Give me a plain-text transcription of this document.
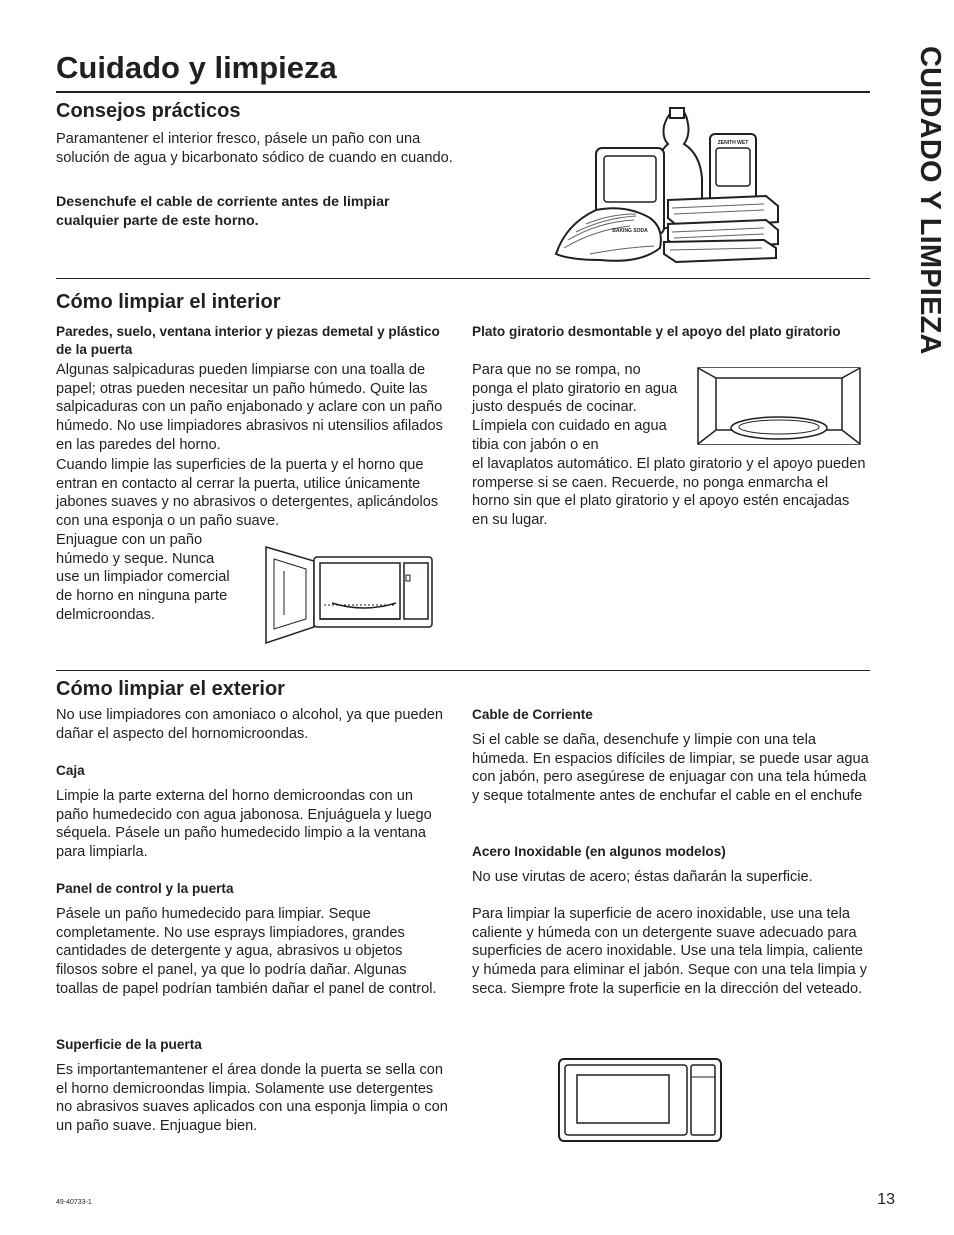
Cuidado y limpieza	CUIDADO Y LIMPIEZA
Consejos prácticos

Paramantener el interior fresco, pásele un paño con una solución de agua y bicarbonato sódico de cuando en cuando.

Desenchufe el cable de corriente antes de limpiar cualquier parte de este horno.

BAKING SODA
ZENITH WET
Cómo limpiar el interior

Paredes, suelo, ventana interior y piezas demetal y plástico de la puerta

Algunas salpicaduras pueden limpiarse con una toalla de papel; otras pueden necesitar un paño húmedo. Quite las salpicaduras con un paño enjabonado y aclare con un paño húmedo. No use limpiadores abrasivos ni utensilios afilados en las paredes del horno.

Cuando limpie las superficies de la puerta y el horno que entran en contacto al cerrar la puerta, utilice únicamente jabones suaves y no abrasivos o detergentes, aplicándolos con una esponja o un paño suave.

Enjuague con un paño húmedo y seque. Nunca use un limpiador comercial de horno en ninguna parte delmicroondas.

Plato giratorio desmontable y el apoyo del plato giratorio

Para que no se rompa, no ponga el plato giratorio en agua justo después de cocinar. Límpiela con cuidado en agua tibia con jabón o en

el lavaplatos automático. El plato giratorio y el apoyo pueden romperse si se caen. Recuerde, no ponga enmarcha el horno sin que el plato giratorio y el apoyo estén encajadas en su lugar.

Cómo limpiar el exterior

No use limpiadores con amoniaco o alcohol, ya que pueden dañar el aspecto del hornomicroondas.

Caja

Limpie la parte externa del horno demicroondas con un paño humedecido con agua jabonosa. Enjuáguela y luego séquela. Pásele un paño humedecido limpio a la ventana para limpiarla.

Panel de control y la puerta

Pásele un paño humedecido para limpiar. Seque completamente. No use esprays limpiadores, grandes cantidades de detergente y agua, abrasivos u objetos filosos sobre el panel, ya que lo podría dañar. Algunas toallas de papel podrían también dañar el panel de control.

Superficie de la puerta

Es importantemantener el área donde la puerta se sella con el horno demicroondas limpia. Solamente use detergentes no abrasivos suaves aplicados con una esponja limpia o con un paño suave. Enjuague bien.

Cable de Corriente

Si el cable se daña, desenchufe y limpie con una tela húmeda. En espacios difíciles de limpiar, se puede usar agua con jabón, pero asegúrese de enjuagar con una tela húmeda y seque totalmente antes de enchufar el cable en el enchufe

Acero Inoxidable (en algunos modelos)

No use virutas de acero; éstas dañarán la superficie.

Para limpiar la superficie de acero inoxidable, use una tela caliente y húmeda con un detergente suave adecuado para superficies de acero inoxidable. Use una tela limpia, caliente y húmeda para eliminar el jabón. Seque con una tela limpia y seca. Siempre frote la superficie en la dirección del veteado.

49-40733-1	13
